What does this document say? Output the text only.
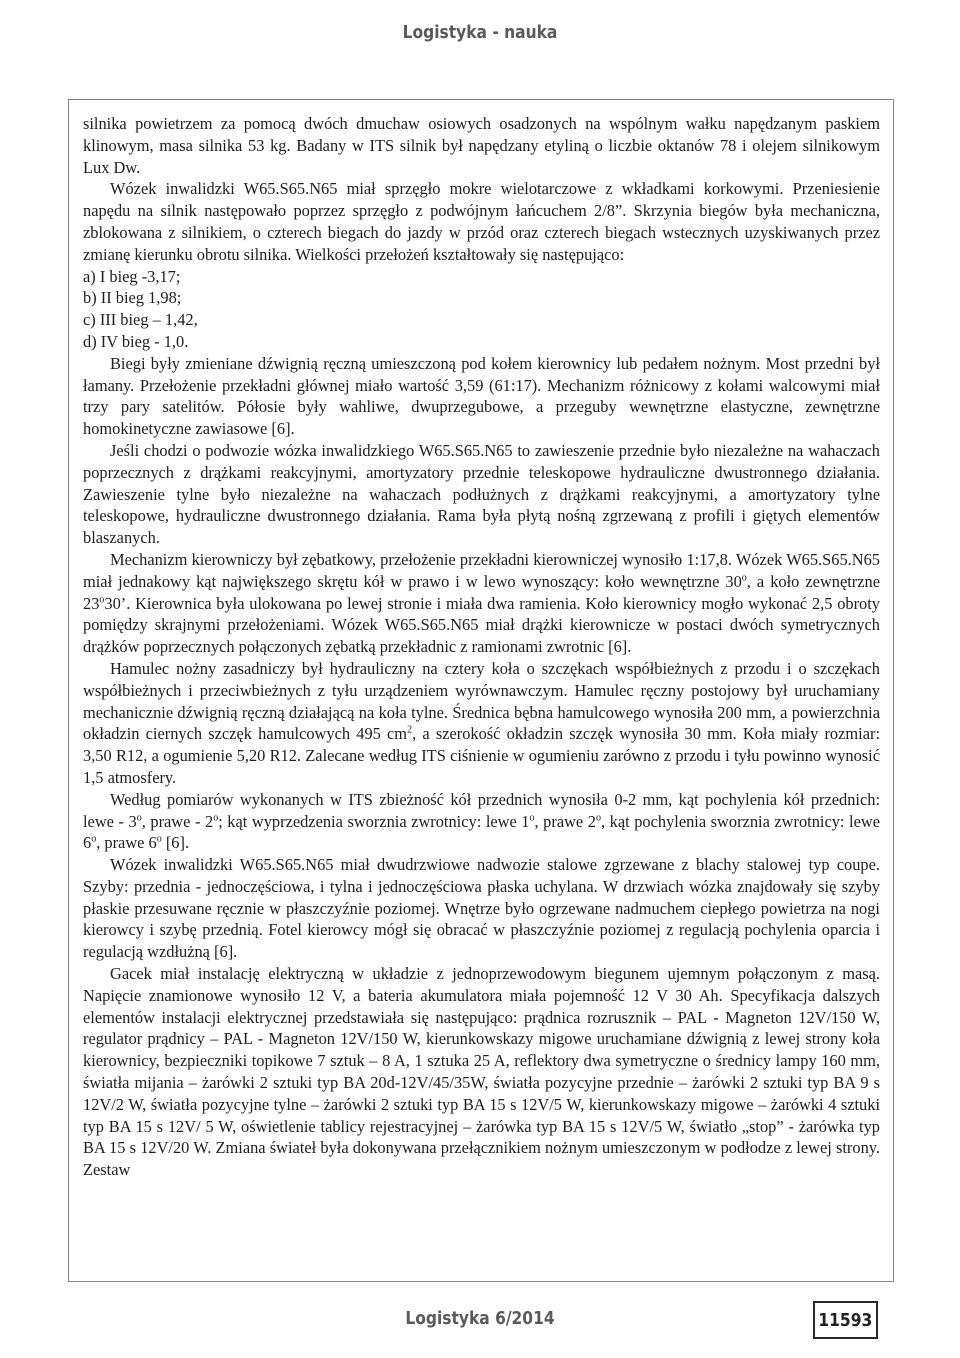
Logistyka - nauka

silnika powietrzem za pomocą dwóch dmuchaw osiowych osadzonych na wspólnym wałku napędzanym paskiem klinowym, masa silnika 53 kg. Badany w ITS silnik był napędzany etyliną o liczbie oktanów 78 i olejem silnikowym Lux Dw.

Wózek inwalidzki W65.S65.N65 miał sprzęgło mokre wielotarczowe z wkładkami korkowymi. Przeniesienie napędu na silnik następowało poprzez sprzęgło z podwójnym łańcuchem 2/8”. Skrzynia biegów była mechaniczna, zblokowana z silnikiem, o czterech biegach do jazdy w przód oraz czterech biegach wstecznych uzyskiwanych przez zmianę kierunku obrotu silnika. Wielkości przełożeń kształtowały się następująco:

a) I bieg -3,17;

b) II bieg 1,98;

c) III bieg – 1,42,

d) IV bieg - 1,0.

Biegi były zmieniane dźwignią ręczną umieszczoną pod kołem kierownicy lub pedałem nożnym. Most przedni był łamany. Przełożenie przekładni głównej miało wartość 3,59 (61:17). Mechanizm różnicowy z kołami walcowymi miał trzy pary satelitów. Półosie były wahliwe, dwuprzegubowe, a przeguby wewnętrzne elastyczne, zewnętrzne homokinetyczne zawiasowe [6].

Jeśli chodzi o podwozie wózka inwalidzkiego W65.S65.N65 to zawieszenie przednie było niezależne na wahaczach poprzecznych z drążkami reakcyjnymi, amortyzatory przednie teleskopowe hydrauliczne dwustronnego działania. Zawieszenie tylne było niezależne na wahaczach podłużnych z drążkami reakcyjnymi, a amortyzatory tylne teleskopowe, hydrauliczne dwustronnego działania. Rama była płytą nośną zgrzewaną z profili i giętych elementów blaszanych.

Mechanizm kierowniczy był zębatkowy, przełożenie przekładni kierowniczej wynosiło 1:17,8. Wózek W65.S65.N65 miał jednakowy kąt największego skrętu kół w prawo i w lewo wynoszący: koło wewnętrzne 30$^o$, a koło zewnętrzne 23$^o$30’. Kierownica była ulokowana po lewej stronie i miała dwa ramienia. Koło kierownicy mogło wykonać 2,5 obroty pomiędzy skrajnymi przełożeniami. Wózek W65.S65.N65 miał drążki kierownicze w postaci dwóch symetrycznych drążków poprzecznych połączonych zębatką przekładnic z ramionami zwrotnic [6].

Hamulec nożny zasadniczy był hydrauliczny na cztery koła o szczękach współbieżnych z przodu i o szczękach współbieżnych i przeciwbieżnych z tyłu urządzeniem wyrównawczym. Hamulec ręczny postojowy był uruchamiany mechanicznie dźwignią ręczną działającą na koła tylne. Średnica bębna hamulcowego wynosiła 200 mm, a powierzchnia okładzin ciernych szczęk hamulcowych 495 $cm^2$, a szerokość okładzin szczęk wynosiła 30 mm. Koła miały rozmiar: 3,50 R12, a ogumienie 5,20 R12. Zalecane według ITS ciśnienie w ogumieniu zarówno z przodu i tyłu powinno wynosić 1,5 atmosfery.

Według pomiarów wykonanych w ITS zbieżność kół przednich wynosiła 0-2 mm, kąt pochylenia kół przednich: lewe - 3$^o$, prawe - 2$^o$; kąt wyprzedzenia sworznia zwrotnicy: lewe 1$^o$, prawe 2$^o$, kąt pochylenia sworznia zwrotnicy: lewe 6$^o$, prawe 6$^o$ [6].

Wózek inwalidzki W65.S65.N65 miał dwudrzwiowe nadwozie stalowe zgrzewane z blachy stalowej typ coupe. Szyby: przednia - jednoczęściowa, i tylna i jednoczęściowa płaska uchylana. W drzwiach wózka znajdowały się szyby płaskie przesuwane ręcznie w płaszczyźnie poziomej. Wnętrze było ogrzewane nadmuchem ciepłego powietrza na nogi kierowcy i szybę przednią. Fotel kierowcy mógł się obracać w płaszczyźnie poziomej z regulacją pochylenia oparcia i regulacją wzdłużną [6].

Gacek miał instalację elektryczną w układzie z jednoprzewodowym biegunem ujemnym połączonym z masą. Napięcie znamionowe wynosiło 12 V, a bateria akumulatora miała pojemność 12 V 30 Ah. Specyfikacja dalszych elementów instalacji elektrycznej przedstawiała się następująco: prądnica rozrusznik – PAL - Magneton 12V/150 W, regulator prądnicy – PAL - Magneton 12V/150 W, kierunkowskazy migowe uruchamiane dźwignią z lewej strony koła kierownicy, bezpieczniki topikowe 7 sztuk – 8 A, 1 sztuka 25 A, reflektory dwa symetryczne o średnicy lampy 160 mm, światła mijania – żarówki 2 sztuki typ BA 20d-12V/45/35W, światła pozycyjne przednie – żarówki 2 sztuki typ BA 9 s 12V/2 W, światła pozycyjne tylne – żarówki 2 sztuki typ BA 15 s 12V/5 W, kierunkowskazy migowe – żarówki 4 sztuki typ BA 15 s 12V/ 5 W, oświetlenie tablicy rejestracyjnej – żarówka typ BA 15 s 12V/5 W, światło „stop” - żarówka typ BA 15 s 12V/20 W. Zmiana świateł była dokonywana przełącznikiem nożnym umieszczonym w podłodze z lewej strony. Zestaw

Logistyka 6/2014	11593
